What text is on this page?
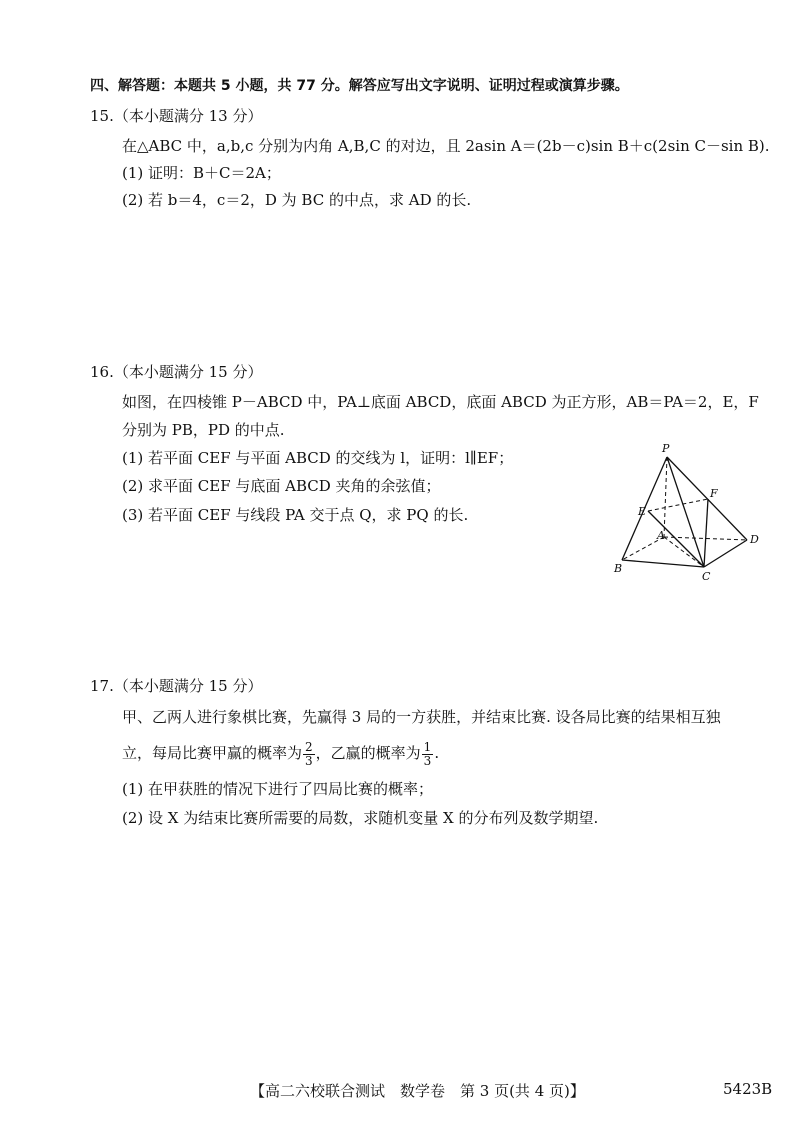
四、解答题：本题共 5 小题，共 77 分。解答应写出文字说明、证明过程或演算步骤。
15.（本小题满分 13 分）
在△ABC 中，a,b,c 分别为内角 A,B,C 的对边，且 2asin A＝(2b－c)sin B＋c(2sin C－sin B).
(1) 证明：B＋C＝2A；
(2) 若 b＝4，c＝2，D 为 BC 的中点，求 AD 的长.
16.（本小题满分 15 分）
如图，在四棱锥 P－ABCD 中，PA⊥底面 ABCD，底面 ABCD 为正方形，AB＝PA＝2，E，F
分别为 PB，PD 的中点.
(1) 若平面 CEF 与平面 ABCD 的交线为 l，证明：l∥EF；
(2) 求平面 CEF 与底面 ABCD 夹角的余弦值；
(3) 若平面 CEF 与线段 PA 交于点 Q，求 PQ 的长.
P
F
E
A	D
B
C
17.（本小题满分 15 分）
甲、乙两人进行象棋比赛，先赢得 3 局的一方获胜，并结束比赛. 设各局比赛的结果相互独
立，每局比赛甲赢的概率为 $\frac{2}{3}$ ，乙赢的概率为 $\frac{1}{3}$ .
(1) 在甲获胜的情况下进行了四局比赛的概率；
(2) 设 X 为结束比赛所需要的局数，求随机变量 X 的分布列及数学期望.
【高二六校联合测试　数学卷　第 3 页(共 4 页)】	5423B
